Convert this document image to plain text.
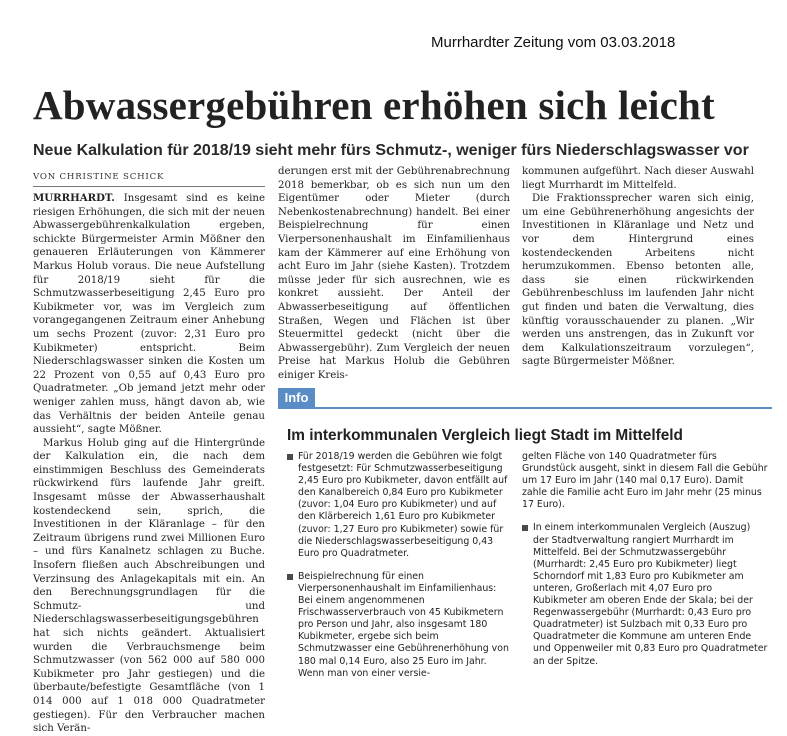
Murrhardter Zeitung vom 03.03.2018
Abwassergebühren erhöhen sich leicht
Neue Kalkulation für 2018/19 sieht mehr fürs Schmutz-, weniger fürs Niederschlagswasser vor
VON CHRISTINE SCHICK

MURRHARDT. Insgesamt sind es keine riesigen Erhöhungen, die sich mit der neuen Abwassergebührenkalkulation ergeben, schickte Bürgermeister Armin Mößner den genaueren Erläuterungen von Kämmerer Markus Holub voraus. Die neue Aufstellung für 2018/19 sieht für die Schmutzwasserbeseitigung 2,45 Euro pro Kubikmeter vor, was im Vergleich zum vorangegangenen Zeitraum einer Anhebung um sechs Prozent (zuvor: 2,31 Euro pro Kubikmeter) entspricht. Beim Niederschlagswasser sinken die Kosten um 22 Prozent von 0,55 auf 0,43 Euro pro Quadratmeter. „Ob jemand jetzt mehr oder weniger zahlen muss, hängt davon ab, wie das Verhältnis der beiden Anteile genau aussieht“, sagte Mößner.

Markus Holub ging auf die Hintergründe der Kalkulation ein, die nach dem einstimmigen Beschluss des Gemeinderats rückwirkend fürs laufende Jahr greift. Insgesamt müsse der Abwasserhaushalt kostendeckend sein, sprich, die Investitionen in der Kläranlage – für den Zeitraum übrigens rund zwei Millionen Euro – und fürs Kanalnetz schlagen zu Buche. Insofern fließen auch Abschreibungen und Verzinsung des Anlagekapitals mit ein. An den Berechnungsgrundlagen für die Schmutz- und Niederschlagswasserbeseitigungsgebühren hat sich nichts geändert. Aktualisiert wurden die Verbrauchsmenge beim Schmutzwasser (von 562 000 auf 580 000 Kubikmeter pro Jahr gestiegen) und die überbaute/befestigte Gesamtfläche (von 1 014 000 auf 1 018 000 Quadratmeter gestiegen). Für den Verbraucher machen sich Verän-

derungen erst mit der Gebührenabrechnung 2018 bemerkbar, ob es sich nun um den Eigentümer oder Mieter (durch Nebenkostenabrechnung) handelt. Bei einer Beispielrechnung für einen Vierpersonenhaushalt im Einfamilienhaus kam der Kämmerer auf eine Erhöhung von acht Euro im Jahr (siehe Kasten). Trotzdem müsse jeder für sich ausrechnen, wie es konkret aussieht. Der Anteil der Abwasserbeseitigung auf öffentlichen Straßen, Wegen und Flächen ist über Steuermittel gedeckt (nicht über die Abwassergebühr). Zum Vergleich der neuen Preise hat Markus Holub die Gebühren einiger Kreis-

kommunen aufgeführt. Nach dieser Auswahl liegt Murrhardt im Mittelfeld.

Die Fraktionssprecher waren sich einig, um eine Gebührenerhöhung angesichts der Investitionen in Kläranlage und Netz und vor dem Hintergrund eines kostendeckenden Arbeitens nicht herumzukommen. Ebenso betonten alle, dass sie einen rückwirkenden Gebührenbeschluss im laufenden Jahr nicht gut finden und baten die Verwaltung, dies künftig vorausschauender zu planen. „Wir werden uns anstrengen, das in Zukunft vor dem Kalkulationszeitraum vorzulegen“, sagte Bürgermeister Mößner.

Info
Im interkommunalen Vergleich liegt Stadt im Mittelfeld
Für 2018/19 werden die Gebühren wie folgt festgesetzt: Für Schmutzwasserbeseitigung 2,45 Euro pro Kubikmeter, davon entfällt auf den Kanalbereich 0,84 Euro pro Kubikmeter (zuvor: 1,04 Euro pro Kubikmeter) und auf den Klärbereich 1,61 Euro pro Kubikmeter (zuvor: 1,27 Euro pro Kubikmeter) sowie für die Niederschlagswasserbeseitigung 0,43 Euro pro Quadratmeter.
Beispielrechnung für einen Vierpersonenhaushalt im Einfamilienhaus: Bei einem angenommenen Frischwasserverbrauch von 45 Kubikmetern pro Person und Jahr, also insgesamt 180 Kubikmeter, ergebe sich beim Schmutzwasser eine Gebührenerhöhung von 180 mal 0,14 Euro, also 25 Euro im Jahr. Wenn man von einer versie-
gelten Fläche von 140 Quadratmeter fürs Grundstück ausgeht, sinkt in diesem Fall die Gebühr um 17 Euro im Jahr (140 mal 0,17 Euro). Damit zahle die Familie acht Euro im Jahr mehr (25 minus 17 Euro).
In einem interkommunalen Vergleich (Auszug) der Stadtverwaltung rangiert Murrhardt im Mittelfeld. Bei der Schmutzwassergebühr (Murrhardt: 2,45 Euro pro Kubikmeter) liegt Schorndorf mit 1,83 Euro pro Kubikmeter am unteren, Großerlach mit 4,07 Euro pro Kubikmeter am oberen Ende der Skala; bei der Regenwassergebühr (Murrhardt: 0,43 Euro pro Quadratmeter) ist Sulzbach mit 0,33 Euro pro Quadratmeter die Kommune am unteren Ende und Oppenweiler mit 0,83 Euro pro Quadratmeter an der Spitze.
